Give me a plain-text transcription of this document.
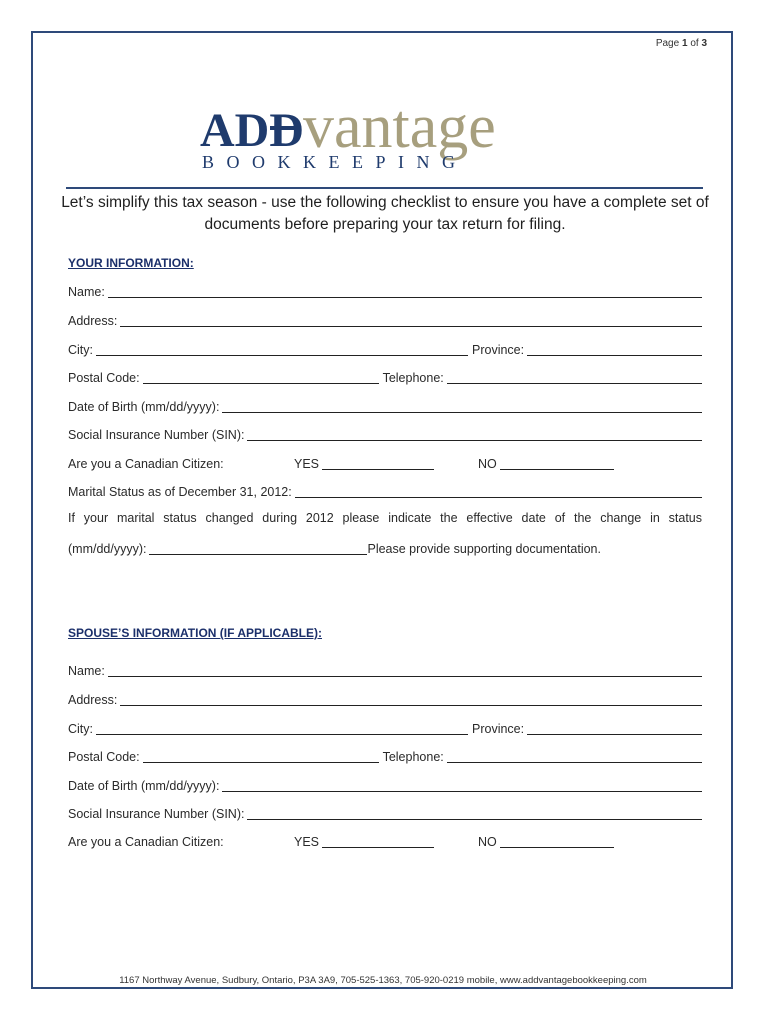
Page 1 of 3
ADD vantage
BOOKKEEPING
Let’s simplify this tax season - use the following checklist to ensure you have a complete set of documents before preparing your tax return for filing.
YOUR INFORMATION:
Name:
Address:
City:	Province:
Postal Code:	Telephone:
Date of Birth (mm/dd/yyyy):
Social Insurance Number (SIN):
Are you a Canadian Citizen:	YES	NO
Marital Status as of December 31, 2012:
If your marital status changed during 2012 please indicate the effective date of the change in status
(mm/dd/yyyy):	Please provide supporting documentation.
SPOUSE’S INFORMATION (IF APPLICABLE):
Name:
Address:
City:	Province:
Postal Code:	Telephone:
Date of Birth (mm/dd/yyyy):
Social Insurance Number (SIN):
Are you a Canadian Citizen:	YES	NO
1167 Northway Avenue, Sudbury, Ontario, P3A 3A9, 705-525-1363, 705-920-0219 mobile, www.addvantagebookkeeping.com
